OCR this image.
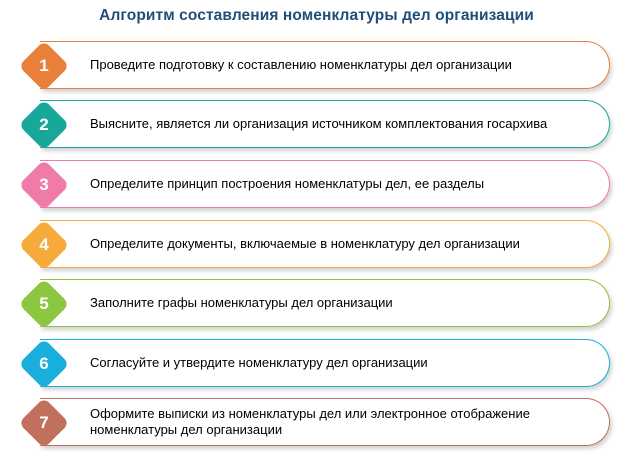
Алгоритм составления номенклатуры дел организации
Проведите подготовку к составлению номенклатуры дел организации
1
Выясните, является ли организация источником комплектования госархива
2
Определите принцип построения номенклатуры дел, ее разделы
3
Определите документы, включаемые в номенклатуру дел организации
4
Заполните графы номенклатуры дел организации
5
Согласуйте и утвердите номенклатуру дел организации
6
Оформите выписки из номенклатуры дел или электронное отображение номенклатуры дел организации
7
